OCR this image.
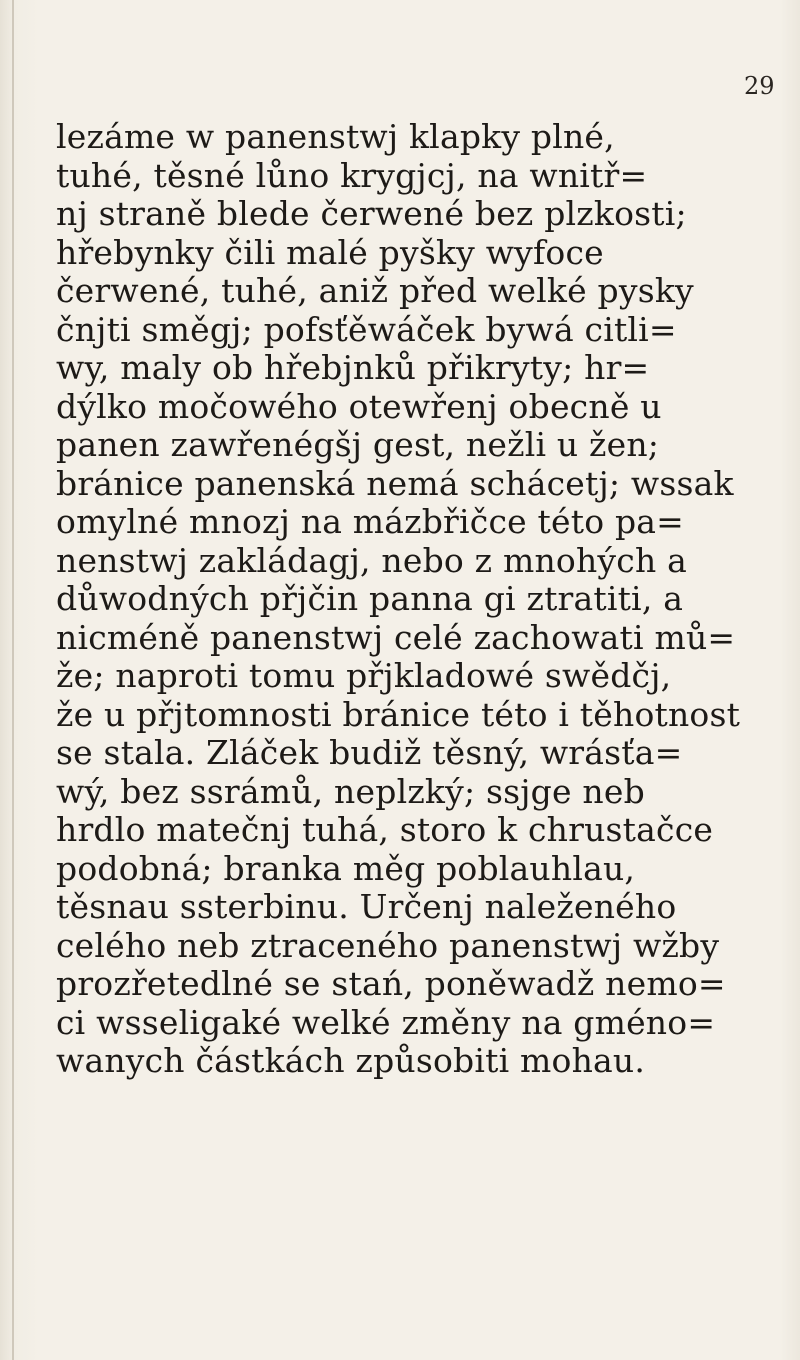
29
lezáme w panenstwj klapky plné,
tuhé, těsné lůno krygjcj, na wnitř=
nj straně blede čerwené bez plzkosti;
hřebynky čili malé pyšky wyfoce
čerwené, tuhé, aniž před welké pysky
čnjti směgj; pofsťěwáček bywá citli=
wy, maly ob hřebjnků přikryty; hr=
dýlko močowého otewřenj obecně u
panen zawřenégšj gest, nežli u žen;
bránice panenská nemá schácetj; wssak
omylné mnozj na mázbřičce této pa=
nenstwj zakládagj, nebo z mnohých a
důwodných přjčin panna gi ztratiti, a
nicméně panenstwj celé zachowati mů=
že; naproti tomu přjkladowé swědčj,
že u přjtomnosti bránice této i těhotnost
se stala. Zláček budiž těsný, wrásťa=
wý, bez ssrámů, neplzký; ssjge neb
hrdlo matečnj tuhá, storo k chrustačce
podobná; branka měg poblauhlau,
těsnau ssterbinu. Určenj naleženého
celého neb ztraceného panenstwj wžby
prozřetedlné se stań, poněwadž nemo=
ci wsseligaké welké změny na gméno=
wanych částkách způsobiti mohau.
